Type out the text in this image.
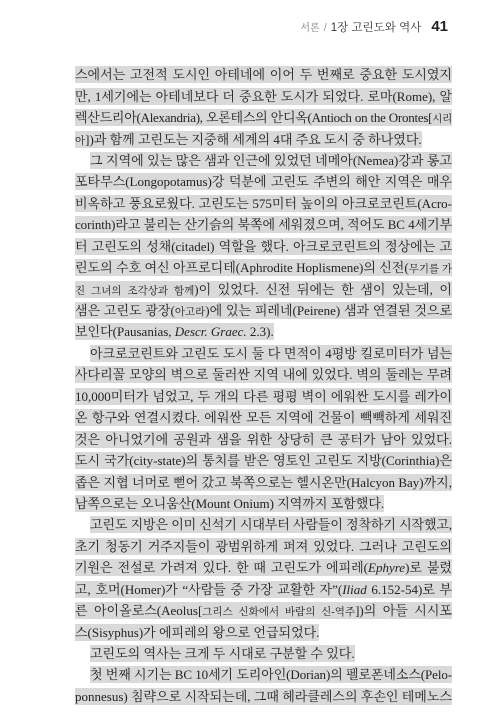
서론 / 1장 고린도와 역사 41
스에서는 고전적 도시인 아테네에 이어 두 번째로 중요한 도시였지
만, 1세기에는 아테네보다 더 중요한 도시가 되었다. 로마(Rome), 알
렉산드리아(Alexandria), 오론테스의 안디옥(Antioch on the Orontes[시리
아])과 함께 고린도는 지중해 세계의 4대 주요 도시 중 하나였다.
그 지역에 있는 많은 샘과 인근에 있었던 네메아(Nemea)강과 롱고
포타무스(Longopotamus)강 덕분에 고린도 주변의 해안 지역은 매우
비옥하고 풍요로웠다. 고린도는 575미터 높이의 아크로코린트(Acro-
corinth)라고 불리는 산기슭의 북쪽에 세워졌으며, 적어도 BC 4세기부
터 고린도의 성채(citadel) 역할을 했다. 아크로코린트의 정상에는 고
린도의 수호 여신 아프로디테(Aphrodite Hoplismene)의 신전(무기를 가
진 그녀의 조각상과 함께)이 있었다. 신전 뒤에는 한 샘이 있는데, 이
샘은 고린도 광장(아고라)에 있는 피레네(Peirene) 샘과 연결된 것으로
보인다(Pausanias, Descr. Graec. 2.3).
아크로코린트와 고린도 도시 둘 다 면적이 4평방 킬로미터가 넘는
사다리꼴 모양의 벽으로 둘러싼 지역 내에 있었다. 벽의 둘레는 무려
10,000미터가 넘었고, 두 개의 다른 평평 벽이 에워싼 도시를 레가이
온 항구와 연결시켰다. 에워싼 모든 지역에 건물이 빽빽하게 세워진
것은 아니었기에 공원과 샘을 위한 상당히 큰 공터가 남아 있었다.
도시 국가(city-state)의 통치를 받은 영토인 고린도 지방(Corinthia)은
좁은 지협 너머로 뻗어 갔고 북쪽으로는 헬시온만(Halcyon Bay)까지,
남쪽으로는 오니움산(Mount Onium) 지역까지 포함했다.
고린도 지방은 이미 신석기 시대부터 사람들이 정착하기 시작했고,
초기 청동기 거주지들이 광범위하게 퍼져 있었다. 그러나 고린도의
기원은 전설로 가려져 있다. 한 때 고린도가 에피레(Ephyre)로 불렸
고, 호머(Homer)가 “사람들 중 가장 교활한 자”(Iliad 6.152-54)로 부
른 아이올로스(Aeolus[그리스 신화에서 바람의 신-역주])의 아들 시시포
스(Sisyphus)가 에피레의 왕으로 언급되었다.
고린도의 역사는 크게 두 시대로 구분할 수 있다.
첫 번째 시기는 BC 10세기 도리아인(Dorian)의 펠로폰네소스(Pelo-
ponnesus) 침략으로 시작되는데, 그때 헤라클레스의 후손인 테메노스
